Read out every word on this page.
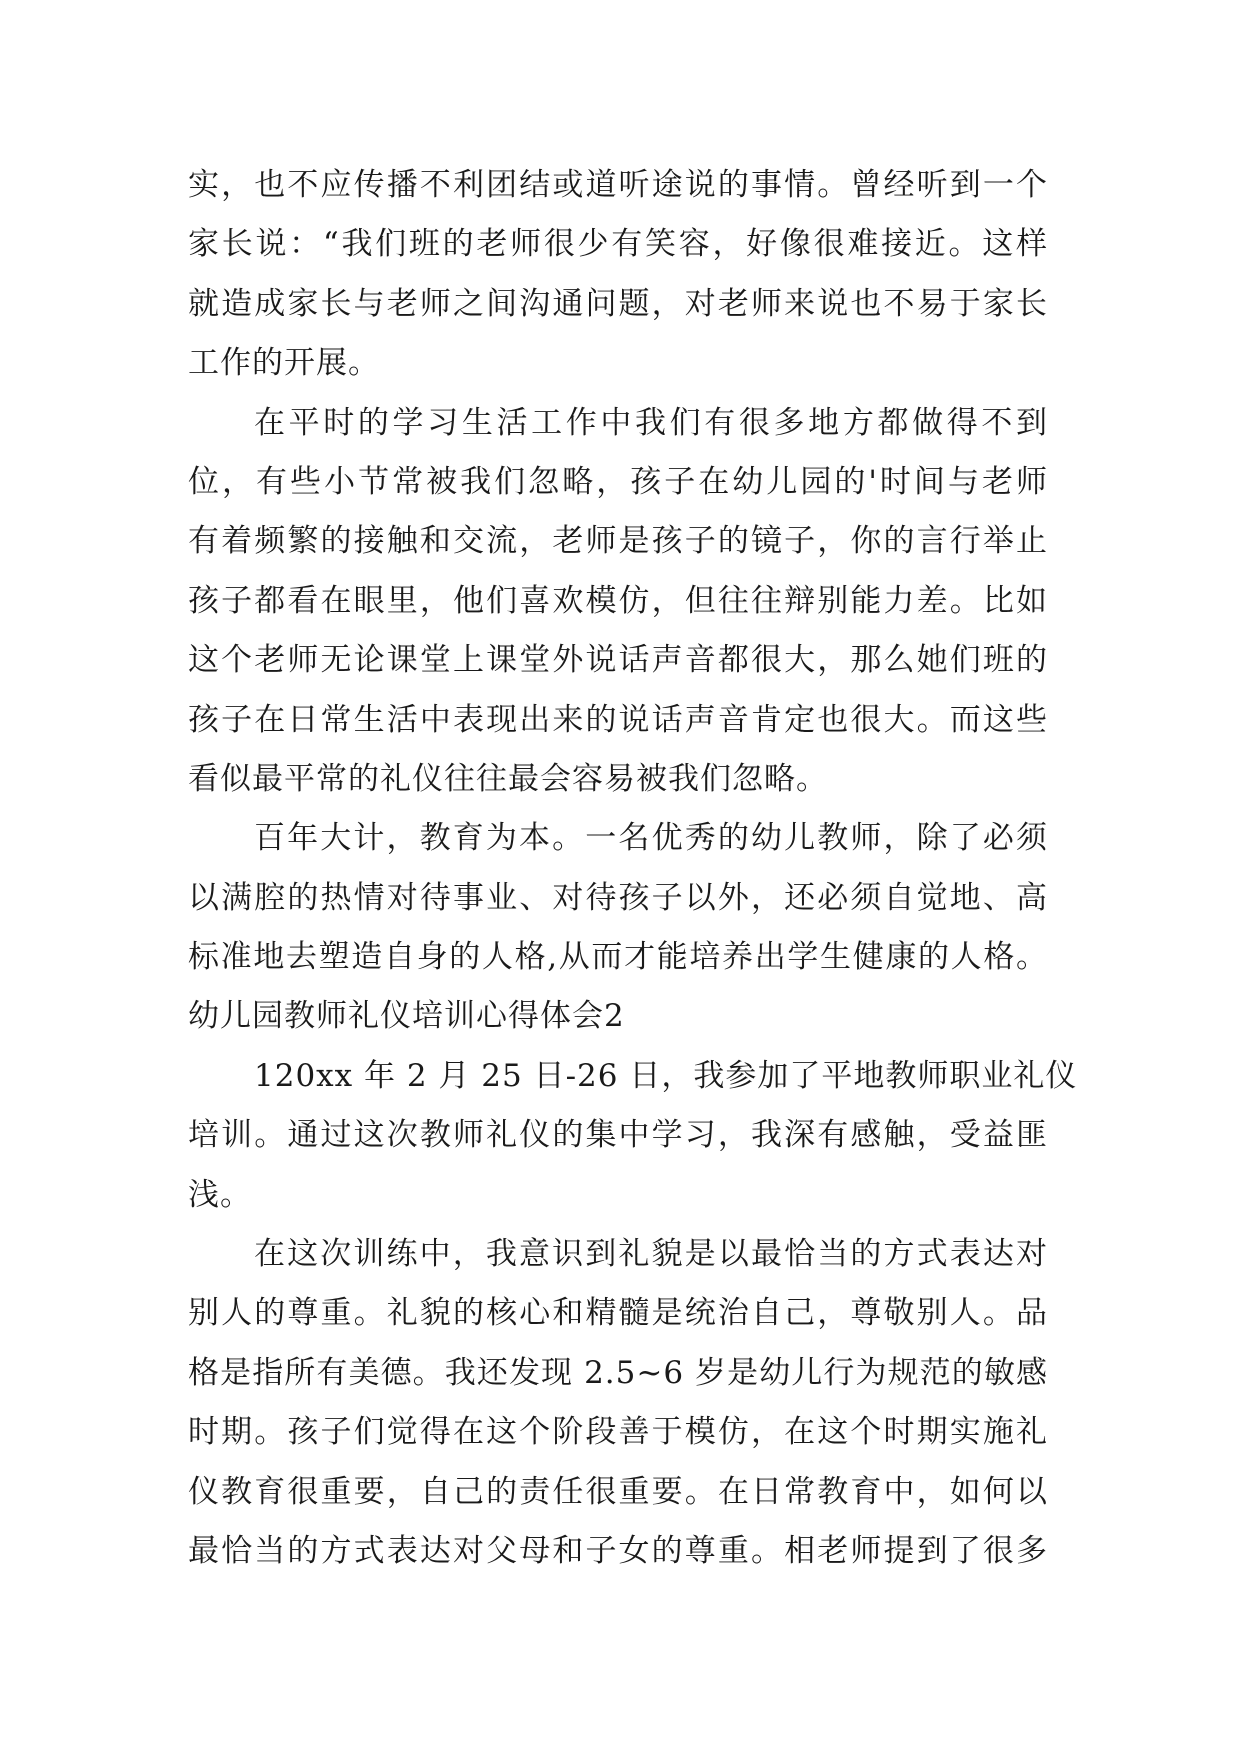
实，也不应传播不利团结或道听途说的事情。曾经听到一个
家长说：“我们班的老师很少有笑容，好像很难接近。这样
就造成家长与老师之间沟通问题，对老师来说也不易于家长
工作的开展。
在平时的学习生活工作中我们有很多地方都做得不到
位，有些小节常被我们忽略，孩子在幼儿园的'时间与老师
有着频繁的接触和交流，老师是孩子的镜子，你的言行举止
孩子都看在眼里，他们喜欢模仿，但往往辩别能力差。比如
这个老师无论课堂上课堂外说话声音都很大，那么她们班的
孩子在日常生活中表现出来的说话声音肯定也很大。而这些
看似最平常的礼仪往往最会容易被我们忽略。
百年大计，教育为本。一名优秀的幼儿教师，除了必须
以满腔的热情对待事业、对待孩子以外，还必须自觉地、高
标准地去塑造自身的人格,从而才能培养出学生健康的人格。
幼儿园教师礼仪培训心得体会2
120xx 年 2 月 25 日-26 日，我参加了平地教师职业礼仪
培训。通过这次教师礼仪的集中学习，我深有感触，受益匪
浅。
在这次训练中，我意识到礼貌是以最恰当的方式表达对
别人的尊重。礼貌的核心和精髓是统治自己，尊敬别人。品
格是指所有美德。我还发现 2.5~6 岁是幼儿行为规范的敏感
时期。孩子们觉得在这个阶段善于模仿，在这个时期实施礼
仪教育很重要，自己的责任很重要。在日常教育中，如何以
最恰当的方式表达对父母和子女的尊重。相老师提到了很多
